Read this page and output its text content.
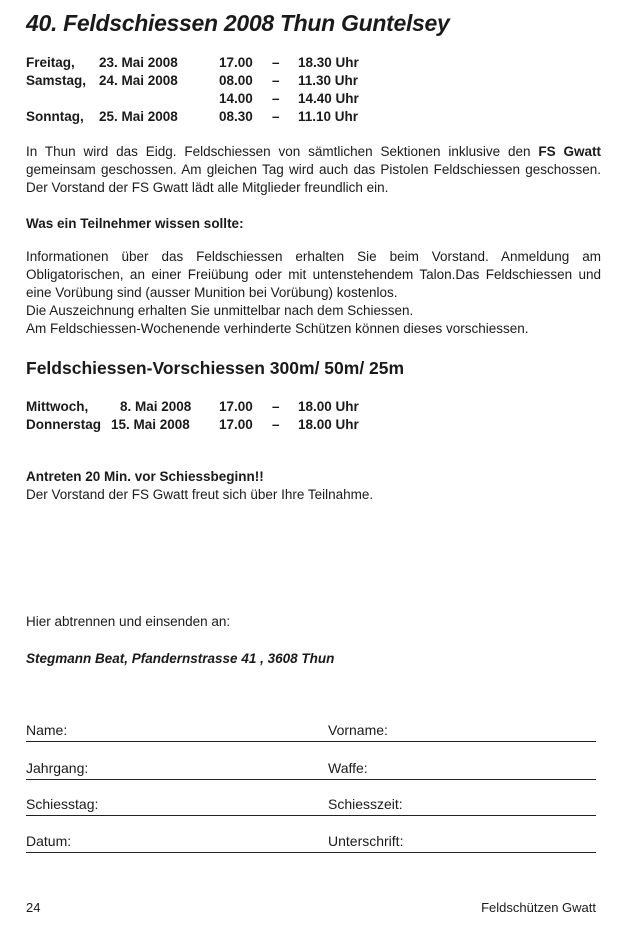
40. Feldschiessen 2008 Thun Guntelsey
Freitag, 23. Mai 2008	17.00 – 18.30 Uhr
Samstag, 24. Mai 2008	08.00 – 11.30 Uhr
14.00 – 14.40 Uhr
Sonntag, 25. Mai 2008	08.30 – 11.10 Uhr

In Thun wird das Eidg. Feldschiessen von sämtlichen Sektionen inklusive den FS Gwatt gemeinsam geschossen. Am gleichen Tag wird auch das Pistolen Feldschiessen geschossen. Der Vorstand der FS Gwatt lädt alle Mitglieder freundlich ein.

Was ein Teilnehmer wissen sollte:

Informationen über das Feldschiessen erhalten Sie beim Vorstand. Anmeldung am Obligatorischen, an einer Freiübung oder mit untenstehendem Talon.Das Feldschiessen und eine Vorübung sind (ausser Munition bei Vorübung) kostenlos.

Die Auszeichnung erhalten Sie unmittelbar nach dem Schiessen.

Am Feldschiessen-Wochenende verhinderte Schützen können dieses vorschiessen.

Feldschiessen-Vorschiessen 300m/ 50m/ 25m
Mittwoch, 8. Mai 2008 17.00 – 18.00 Uhr
Donnerstag 15. Mai 2008 17.00 – 18.00 Uhr
Antreten 20 Min. vor Schiessbeginn!!
Der Vorstand der FS Gwatt freut sich über Ihre Teilnahme.
Hier abtrennen und einsenden an:
Stegmann Beat, Pfandernstrasse 41 , 3608 Thun
Name:	Vorname:
Jahrgang:	Waffe:
Schiesstag:	Schiesszeit:
Datum:	Unterschrift:
24	Feldschützen Gwatt
